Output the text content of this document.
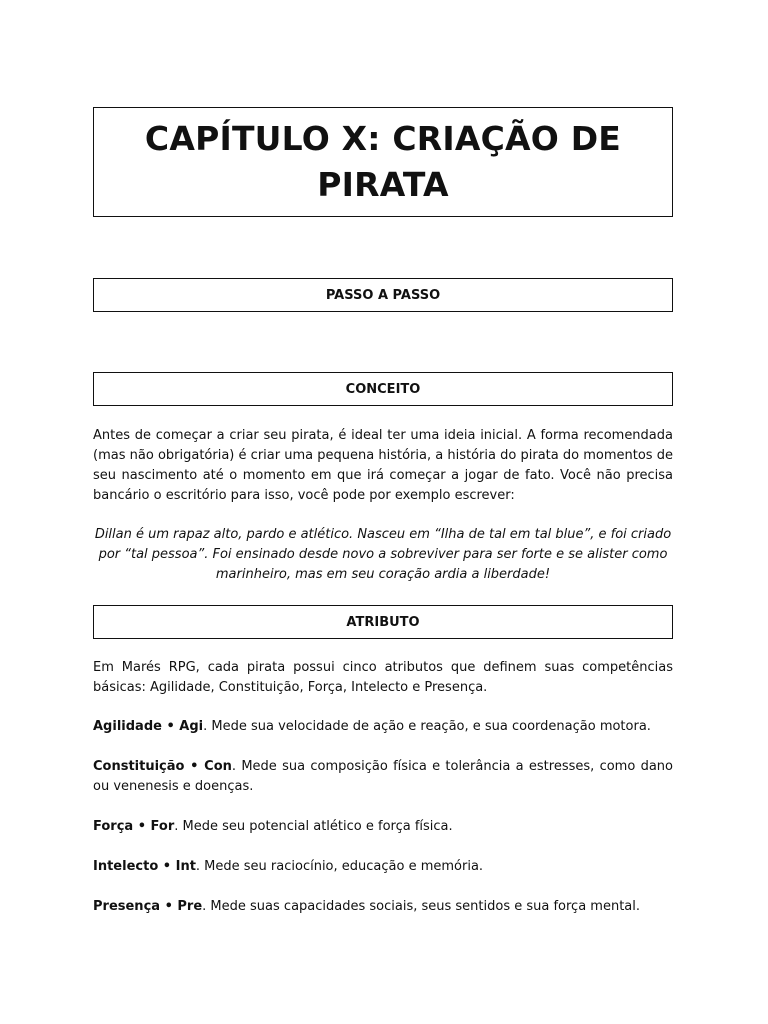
CAPÍTULO X: CRIAÇÃO DE PIRATA
PASSO A PASSO
CONCEITO

Antes de começar a criar seu pirata, é ideal ter uma ideia inicial. A forma recomendada (mas não obrigatória) é criar uma pequena história, a história do pirata do momentos de seu nascimento até o momento em que irá começar a jogar de fato. Você não precisa bancário o escritório para isso, você pode por exemplo escrever:

Dillan é um rapaz alto, pardo e atlético. Nasceu em “Ilha de tal em tal blue”, e foi criado por “tal pessoa”. Foi ensinado desde novo a sobreviver para ser forte e se alister como marinheiro, mas em seu coração ardia a liberdade!

ATRIBUTO

Em Marés RPG, cada pirata possui cinco atributos que definem suas competências básicas: Agilidade, Constituição, Força, Intelecto e Presença.

Agilidade • Agi. Mede sua velocidade de ação e reação, e sua coordenação motora.

Constituição • Con. Mede sua composição física e tolerância a estresses, como dano ou venenesis e doenças.

Força • For. Mede seu potencial atlético e força física.

Intelecto • Int. Mede seu raciocínio, educação e memória.

Presença • Pre. Mede suas capacidades sociais, seus sentidos e sua força mental.
